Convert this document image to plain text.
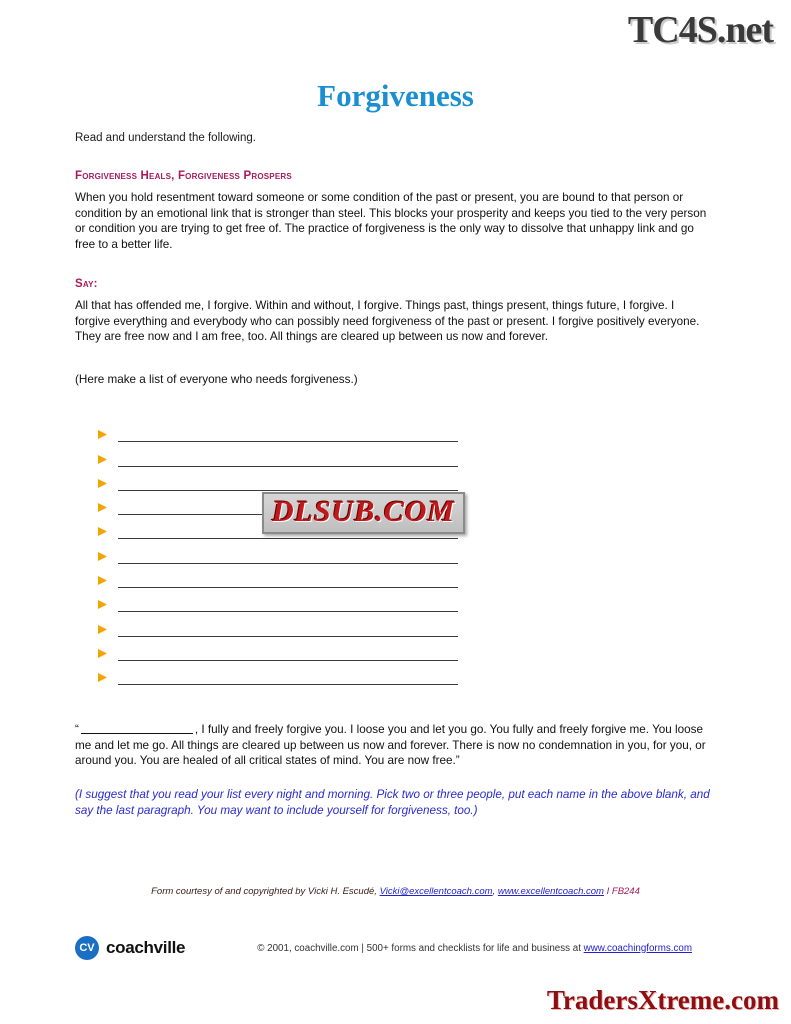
TC4S.net
Forgiveness
Read and understand the following.
Forgiveness Heals, Forgiveness Prospers

When you hold resentment toward someone or some condition of the past or present, you are bound to that person or condition by an emotional link that is stronger than steel. This blocks your prosperity and keeps you tied to the very person or condition you are trying to get free of. The practice of forgiveness is the only way to dissolve that unhappy link and go free to a better life.

Say:

All that has offended me, I forgive. Within and without, I forgive. Things past, things present, things future, I forgive. I forgive everything and everybody who can possibly need forgiveness of the past or present. I forgive positively everyone. They are free now and I am free, too. All things are cleared up between us now and forever.

(Here make a list of everyone who needs forgiveness.)
DLSUB.COM
“	, I fully and freely forgive you. I loose you and let you go. You fully and freely forgive me. You loose me and let me go. All things are cleared up between us now and forever. There is now no condemnation in you, for you, or around you. You are healed of all critical states of mind. You are now free.”
(I suggest that you read your list every night and morning. Pick two or three people, put each name in the above blank, and say the last paragraph. You may want to include yourself for forgiveness, too.)
Form courtesy of and copyrighted by Vicki H. Escudé, Vicki@excellentcoach.com, www.excellentcoach.com I FB244
CV coachville	© 2001, coachville.com | 500+ forms and checklists for life and business at www.coachingforms.com
TradersXtreme.com
